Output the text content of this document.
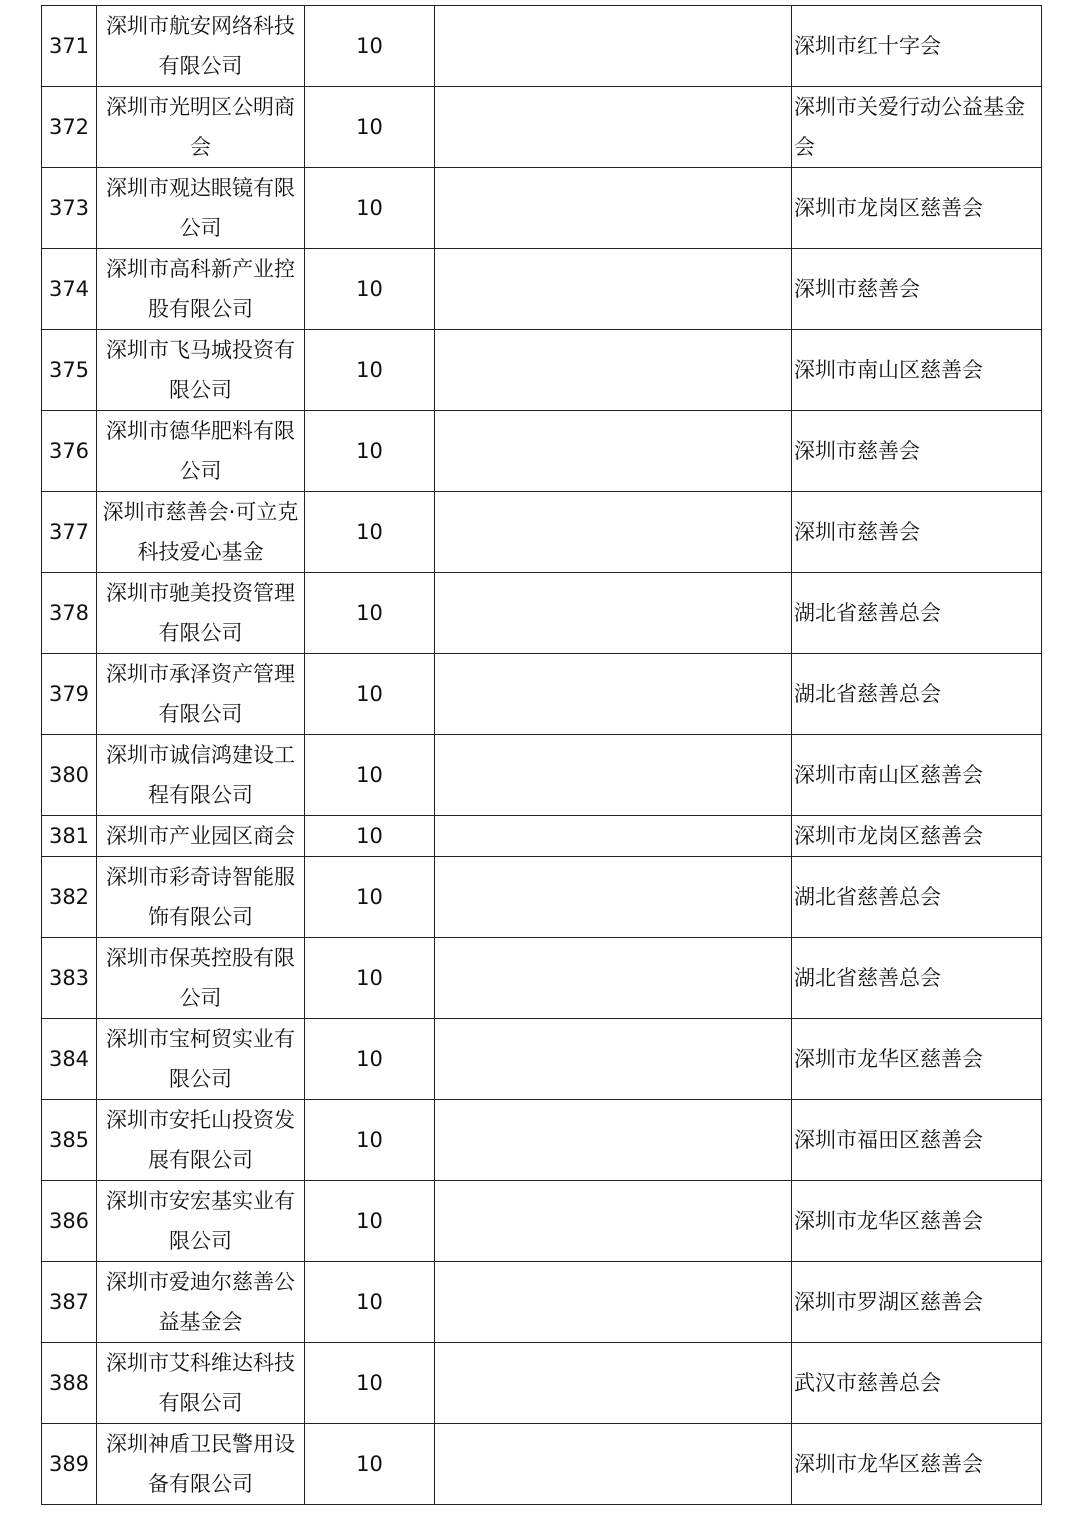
371	深圳市航安网络科技有限公司	10		深圳市红十字会
372	深圳市光明区公明商会	10		深圳市关爱行动公益基金会
373	深圳市观达眼镜有限公司	10		深圳市龙岗区慈善会
374	深圳市高科新产业控股有限公司	10		深圳市慈善会
375	深圳市飞马城投资有限公司	10		深圳市南山区慈善会
376	深圳市德华肥料有限公司	10		深圳市慈善会
377	深圳市慈善会·可立克科技爱心基金	10		深圳市慈善会
378	深圳市驰美投资管理有限公司	10		湖北省慈善总会
379	深圳市承泽资产管理有限公司	10		湖北省慈善总会
380	深圳市诚信鸿建设工程有限公司	10		深圳市南山区慈善会
381	深圳市产业园区商会	10		深圳市龙岗区慈善会
382	深圳市彩奇诗智能服饰有限公司	10		湖北省慈善总会
383	深圳市保英控股有限公司	10		湖北省慈善总会
384	深圳市宝柯贸实业有限公司	10		深圳市龙华区慈善会
385	深圳市安托山投资发展有限公司	10		深圳市福田区慈善会
386	深圳市安宏基实业有限公司	10		深圳市龙华区慈善会
387	深圳市爱迪尔慈善公益基金会	10		深圳市罗湖区慈善会
388	深圳市艾科维达科技有限公司	10		武汉市慈善总会
389	深圳神盾卫民警用设备有限公司	10		深圳市龙华区慈善会
